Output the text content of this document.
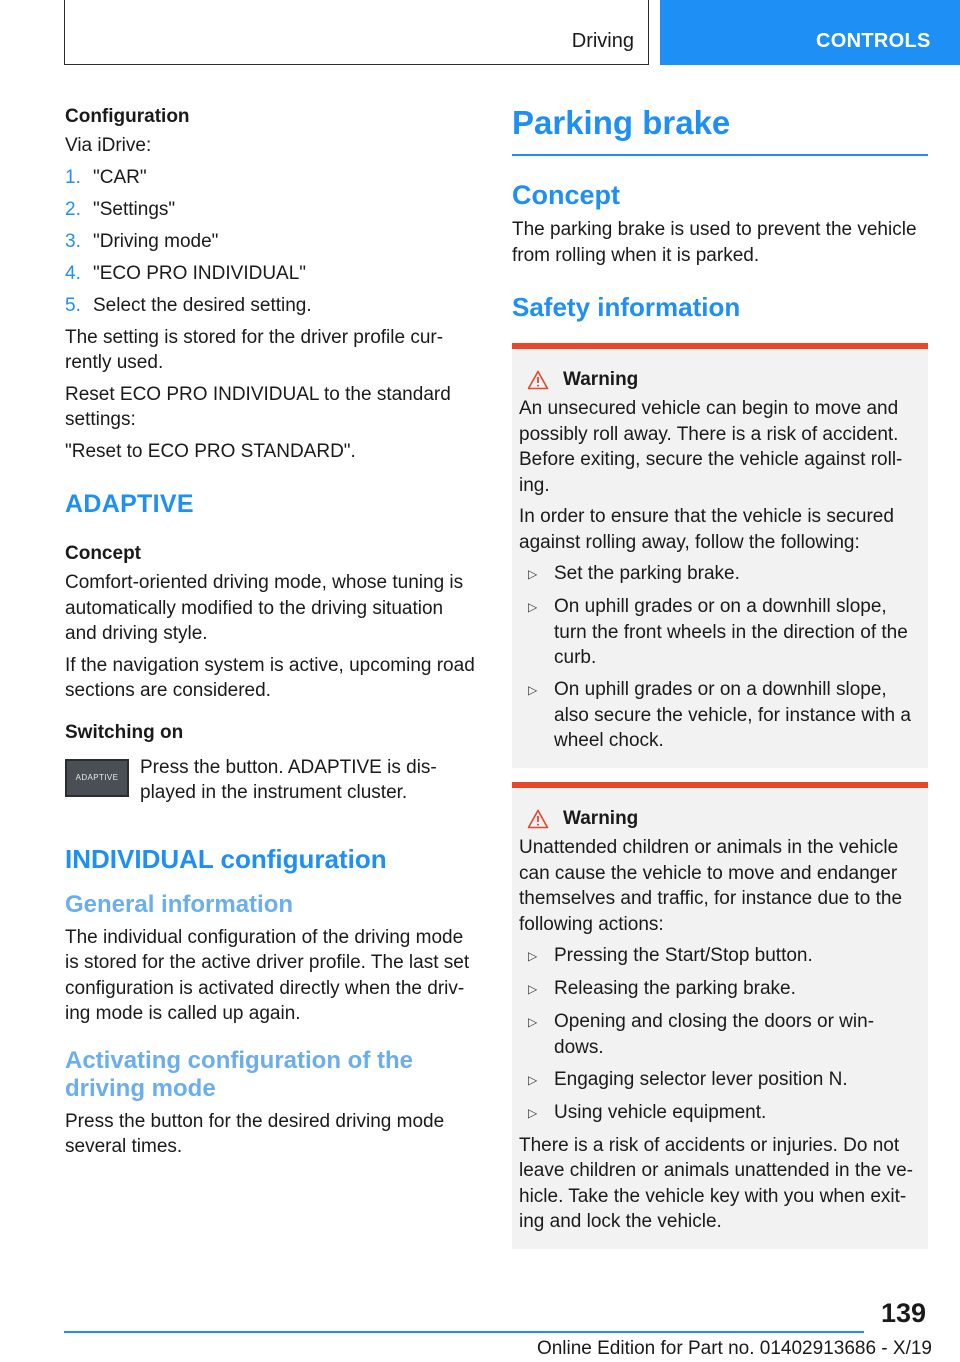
Driving	CONTROLS
Configuration

Via iDrive:

1. "CAR"
2. "Settings"
3. "Driving mode"
4. "ECO PRO INDIVIDUAL"
5. Select the desired setting.

The setting is stored for the driver profile cur-rently used.

Reset ECO PRO INDIVIDUAL to the standard settings:

"Reset to ECO PRO STANDARD".

ADAPTIVE
Concept

Comfort-oriented driving mode, whose tuning is automatically modified to the driving situation and driving style.

If the navigation system is active, upcoming road sections are considered.

Switching on
ADAPTIVE Press the button. ADAPTIVE is dis-played in the instrument cluster.

INDIVIDUAL configuration
General information

The individual configuration of the driving mode is stored for the active driver profile. The last set configuration is activated directly when the driv-ing mode is called up again.

Activating configuration of the driving mode

Press the button for the desired driving mode several times.

Parking brake
Concept

The parking brake is used to prevent the vehicle from rolling when it is parked.

Safety information
Warning

An unsecured vehicle can begin to move and possibly roll away. There is a risk of accident. Before exiting, secure the vehicle against roll-ing.

In order to ensure that the vehicle is secured against rolling away, follow the following:

▷ Set the parking brake.
▷ On uphill grades or on a downhill slope, turn the front wheels in the direction of the curb.
▷ On uphill grades or on a downhill slope, also secure the vehicle, for instance with a wheel chock.
Warning

Unattended children or animals in the vehicle can cause the vehicle to move and endanger themselves and traffic, for instance due to the following actions:

▷ Pressing the Start/Stop button.
▷ Releasing the parking brake.
▷ Opening and closing the doors or win-dows.
▷ Engaging selector lever position N.
▷ Using vehicle equipment.

There is a risk of accidents or injuries. Do not leave children or animals unattended in the ve-hicle. Take the vehicle key with you when exit-ing and lock the vehicle.

139
Online Edition for Part no. 01402913686 - X/19
